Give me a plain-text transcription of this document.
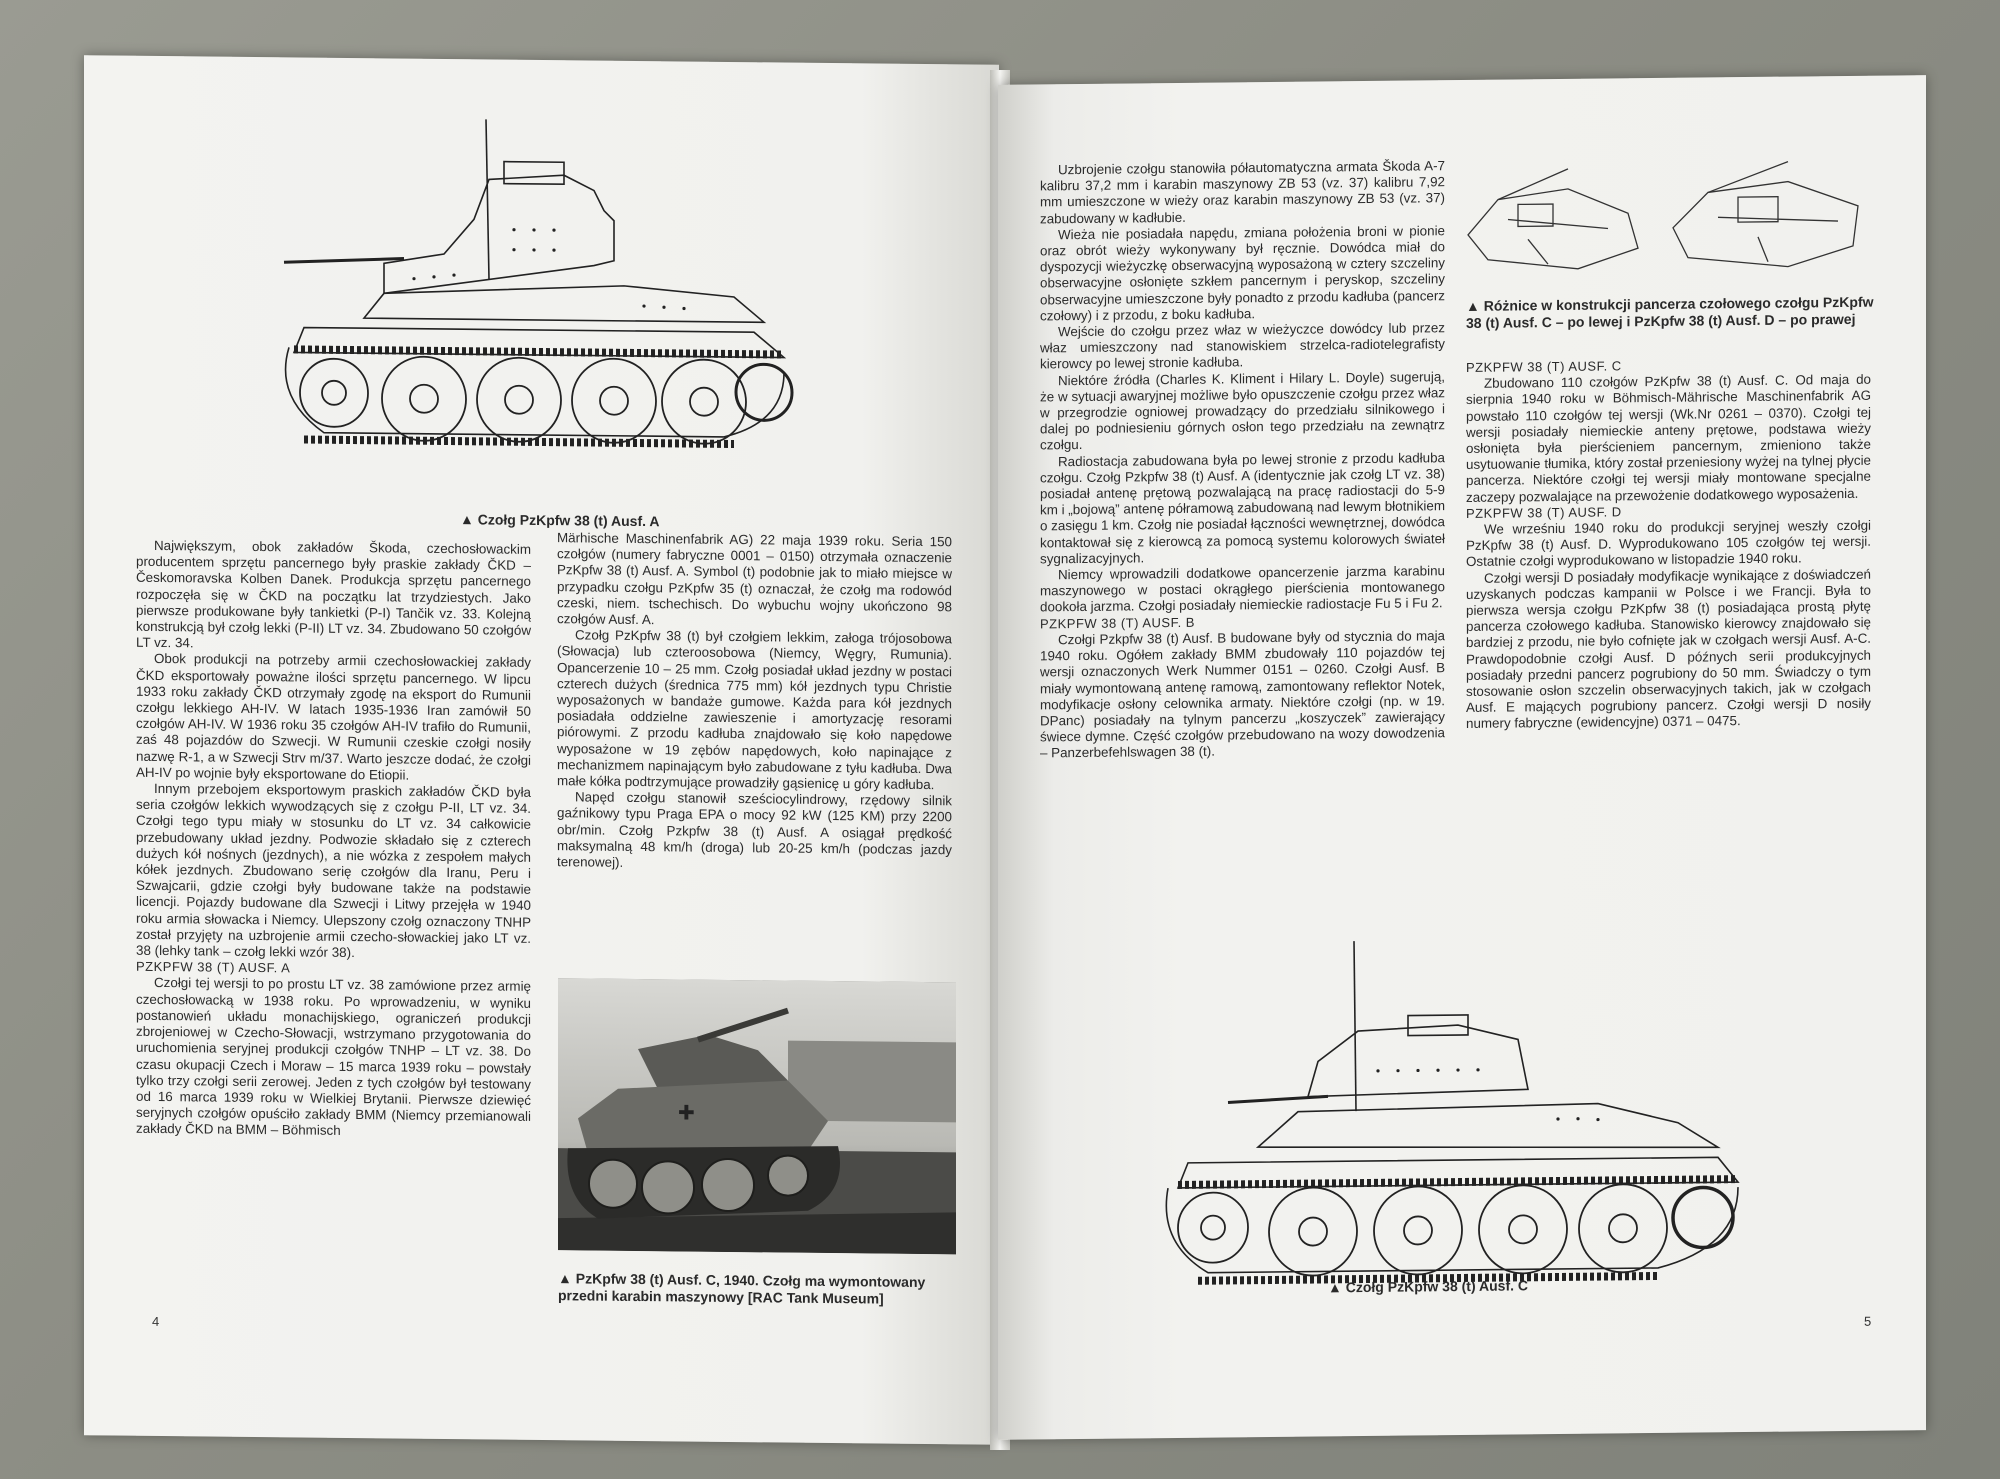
▲ Czołg PzKpfw 38 (t) Ausf. A

Największym, obok zakładów Škoda, czechosłowackim producentem sprzętu pancernego były praskie zakłady ČKD – Českomoravska Kolben Danek. Produkcja sprzętu pancernego rozpoczęła się w ČKD na początku lat trzydziestych. Jako pierwsze produkowane były tankietki (P-I) Tančik vz. 33. Kolejną konstrukcją był czołg lekki (P-II) LT vz. 34. Zbudowano 50 czołgów LT vz. 34.

Obok produkcji na potrzeby armii czechosłowackiej zakłady ČKD eksportowały poważne ilości sprzętu pancernego. W lipcu 1933 roku zakłady ČKD otrzymały zgodę na eksport do Rumunii czołgu lekkiego AH-IV. W latach 1935-1936 Iran zamówił 50 czołgów AH-IV. W 1936 roku 35 czołgów AH-IV trafiło do Rumunii, zaś 48 pojazdów do Szwecji. W Rumunii czeskie czołgi nosiły nazwę R-1, a w Szwecji Strv m/37. Warto jeszcze dodać, że czołgi AH-IV po wojnie były eksportowane do Etiopii.

Innym przebojem eksportowym praskich zakładów ČKD była seria czołgów lekkich wywodzących się z czołgu P-II, LT vz. 34. Czołgi tego typu miały w stosunku do LT vz. 34 całkowicie przebudowany układ jezdny. Podwozie składało się z czterech dużych kół nośnych (jezdnych), a nie wózka z zespołem małych kółek jezdnych. Zbudowano serię czołgów dla Iranu, Peru i Szwajcarii, gdzie czołgi były budowane także na podstawie licencji. Pojazdy budowane dla Szwecji i Litwy przejęła w 1940 roku armia słowacka i Niemcy. Ulepszony czołg oznaczony TNHP został przyjęty na uzbrojenie armii czecho-słowackiej jako LT vz. 38 (lehky tank – czołg lekki wzór 38).

PZKPFW 38 (T) AUSF. A

Czołgi tej wersji to po prostu LT vz. 38 zamówione przez armię czechosłowacką w 1938 roku. Po wprowadzeniu, w wyniku postanowień układu monachijskiego, ograniczeń produkcji zbrojeniowej w Czecho-Słowacji, wstrzymano przygotowania do uruchomienia seryjnej produkcji czołgów TNHP – LT vz. 38. Do czasu okupacji Czech i Moraw – 15 marca 1939 roku – powstały tylko trzy czołgi serii zerowej. Jeden z tych czołgów był testowany od 16 marca 1939 roku w Wielkiej Brytanii. Pierwsze dziewięć seryjnych czołgów opuściło zakłady BMM (Niemcy przemianowali zakłady ČKD na BMM – Böhmisch

Märhische Maschinenfabrik AG) 22 maja 1939 roku. Seria 150 czołgów (numery fabryczne 0001 – 0150) otrzymała oznaczenie PzKpfw 38 (t) Ausf. A. Symbol (t) podobnie jak to miało miejsce w przypadku czołgu PzKpfw 35 (t) oznaczał, że czołg ma rodowód czeski, niem. tschechisch. Do wybuchu wojny ukończono 98 czołgów Ausf. A.

Czołg PzKpfw 38 (t) był czołgiem lekkim, załoga trójosobowa (Słowacja) lub czteroosobowa (Niemcy, Węgry, Rumunia). Opancerzenie 10 – 25 mm. Czołg posiadał układ jezdny w postaci czterech dużych (średnica 775 mm) kół jezdnych typu Christie wyposażonych w bandaże gumowe. Każda para kół jezdnych posiadała oddzielne zawieszenie i amortyzację resorami piórowymi. Z przodu kadłuba znajdowało się koło napędowe wyposażone w 19 zębów napędowych, koło napinające z mechanizmem napinającym było zabudowane z tyłu kadłuba. Dwa małe kółka podtrzymujące prowadziły gąsienicę u góry kadłuba.

Napęd czołgu stanowił sześciocylindrowy, rzędowy silnik gaźnikowy typu Praga EPA o mocy 92 kW (125 KM) przy 2200 obr/min. Czołg Pzkpfw 38 (t) Ausf. A osiągał prędkość maksymalną 48 km/h (droga) lub 20-25 km/h (podczas jazdy terenowej).

✚
▲ PzKpfw 38 (t) Ausf. C, 1940. Czołg ma wymontowany przedni karabin maszynowy [RAC Tank Museum]
4

Uzbrojenie czołgu stanowiła półautomatyczna armata Škoda A-7 kalibru 37,2 mm i karabin maszynowy ZB 53 (vz. 37) kalibru 7,92 mm umieszczone w wieży oraz karabin maszynowy ZB 53 (vz. 37) zabudowany w kadłubie.

Wieża nie posiadała napędu, zmiana położenia broni w pionie oraz obrót wieży wykonywany był ręcznie. Dowódca miał do dyspozycji wieżyczkę obserwacyjną wyposażoną w cztery szczeliny obserwacyjne osłonięte szkłem pancernym i peryskop, szczeliny obserwacyjne umieszczone były ponadto z przodu kadłuba (pancerz czołowy) i z przodu, z boku kadłuba.

Wejście do czołgu przez właz w wieżyczce dowódcy lub przez właz umieszczony nad stanowiskiem strzelca-radiotelegrafisty kierowcy po lewej stronie kadłuba.

Niektóre źródła (Charles K. Kliment i Hilary L. Doyle) sugerują, że w sytuacji awaryjnej możliwe było opuszczenie czołgu przez właz w przegrodzie ogniowej prowadzący do przedziału silnikowego i dalej po podniesieniu górnych osłon tego przedziału na zewnątrz czołgu.

Radiostacja zabudowana była po lewej stronie z przodu kadłuba czołgu. Czołg Pzkpfw 38 (t) Ausf. A (identycznie jak czołg LT vz. 38) posiadał antenę prętową pozwalającą na pracę radiostacji do 5-9 km i „bojową” antenę półramową zabudowaną nad lewym błotnikiem o zasięgu 1 km. Czołg nie posiadał łączności wewnętrznej, dowódca kontaktował się z kierowcą za pomocą systemu kolorowych świateł sygnalizacyjnych.

Niemcy wprowadzili dodatkowe opancerzenie jarzma karabinu maszynowego w postaci okrągłego pierścienia montowanego dookoła jarzma. Czołgi posiadały niemieckie radiostacje Fu 5 i Fu 2.

PZKPFW 38 (T) AUSF. B

Czołgi Pzkpfw 38 (t) Ausf. B budowane były od stycznia do maja 1940 roku. Ogółem zakłady BMM zbudowały 110 pojazdów tej wersji oznaczonych Werk Nummer 0151 – 0260. Czołgi Ausf. B miały wymontowaną antenę ramową, zamontowany reflektor Notek, modyfikacje osłony celownika armaty. Niektóre czołgi (np. w 19. DPanc) posiadały na tylnym pancerzu „koszyczek” zawierający świece dymne. Część czołgów przebudowano na wozy dowodzenia – Panzerbefehlswagen 38 (t).

▲ Różnice w konstrukcji pancerza czołowego czołgu PzKpfw 38 (t) Ausf. C – po lewej i PzKpfw 38 (t) Ausf. D – po prawej

PZKPFW 38 (T) AUSF. C

Zbudowano 110 czołgów PzKpfw 38 (t) Ausf. C. Od maja do sierpnia 1940 roku w Böhmisch-Mährische Maschinenfabrik AG powstało 110 czołgów tej wersji (Wk.Nr 0261 – 0370). Czołgi tej wersji posiadały niemieckie anteny prętowe, podstawa wieży osłonięta była pierścieniem pancernym, zmieniono także usytuowanie tłumika, który został przeniesiony wyżej na tylnej płycie pancerza. Niektóre czołgi tej wersji miały montowane specjalne zaczepy pozwalające na przewożenie dodatkowego wyposażenia.

PZKPFW 38 (T) AUSF. D

We wrześniu 1940 roku do produkcji seryjnej weszły czołgi PzKpfw 38 (t) Ausf. D. Wyprodukowano 105 czołgów tej wersji. Ostatnie czołgi wyprodukowano w listopadzie 1940 roku.

Czołgi wersji D posiadały modyfikacje wynikające z doświadczeń uzyskanych podczas kampanii w Polsce i we Francji. Była to pierwsza wersja czołgu PzKpfw 38 (t) posiadająca prostą płytę pancerza czołowego kadłuba. Stanowisko kierowcy znajdowało się bardziej z przodu, nie było cofnięte jak w czołgach wersji Ausf. A-C. Prawdopodobnie czołgi Ausf. D późnych serii produkcyjnych posiadały przedni pancerz pogrubiony do 50 mm. Świadczy o tym stosowanie osłon szczelin obserwacyjnych takich, jak w czołgach Ausf. E mających pogrubiony pancerz. Czołgi wersji D nosiły numery fabryczne (ewidencyjne) 0371 – 0475.

▲ Czołg PzKpfw 38 (t) Ausf. C
5
